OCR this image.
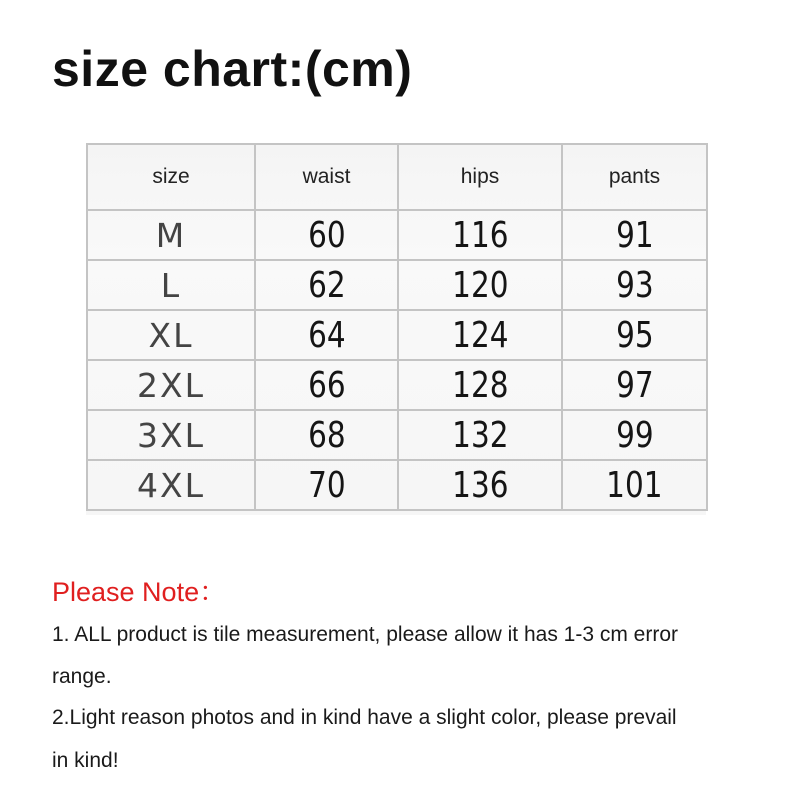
size chart:(cm)
size	waist	hips	pants
M	60	116	91
L	62	120	93
XL	64	124	95
2XL	66	128	97
3XL	68	132	99
4XL	70	136	101
Please Note：
1. ALL product is tile measurement, please allow it has 1-3 cm error
range.
2.Light reason photos and in kind have a slight color, please prevail
in kind!
